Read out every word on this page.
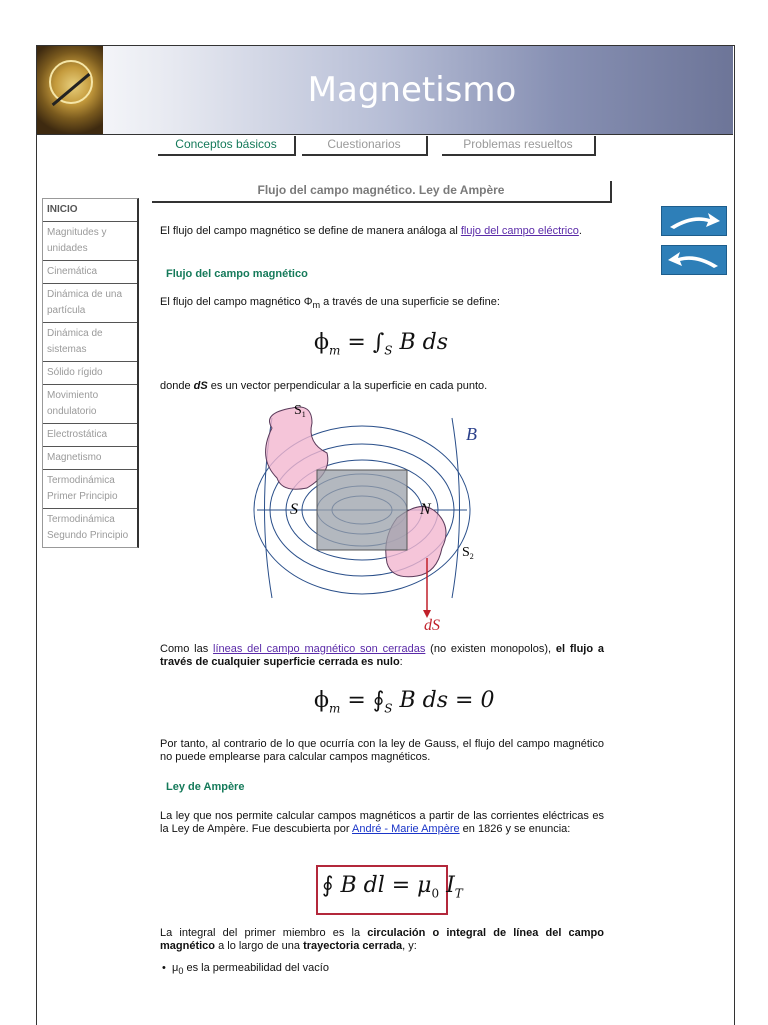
Magnetismo
Conceptos básicos	Cuestionarios	Problemas resueltos
Flujo del campo magnético. Ley de Ampère
INICIO
Magnitudes y unidades
Cinemática
Dinámica de una partícula
Dinámica de sistemas
Sólido rígido
Movimiento ondulatorio
Electrostática
Magnetismo
Termodinámica Primer Principio
Termodinámica Segundo Principio
El flujo del campo magnético se define de manera análoga al flujo del campo eléctrico.
Flujo del campo magnético
El flujo del campo magnético $\Phi_m$ a través de una superficie se define:
$\phi_m = \int_S$ B ds
donde dS es un vector perpendicular a la superficie en cada punto.
$S_1$
$S_2$
S	N
B
dS
Como las líneas del campo magnético son cerradas (no existen monopolos), el flujo a través de cualquier superficie cerrada es nulo:
$\phi_m$ = $∮_S$ B ds = 0
Por tanto, al contrario de lo que ocurría con la ley de Gauss, el flujo del campo magnético no puede emplearse para calcular campos magnéticos.
Ley de Ampère
La ley que nos permite calcular campos magnéticos a partir de las corrientes eléctricas es la Ley de Ampère. Fue descubierta por André - Marie Ampère en 1826 y se enuncia:
∮ B dl = $\mu_0$ $I_T$
La integral del primer miembro es la circulación o integral de línea del campo magnético a lo largo de una trayectoria cerrada, y:
• $\mu_0$ es la permeabilidad del vacío
